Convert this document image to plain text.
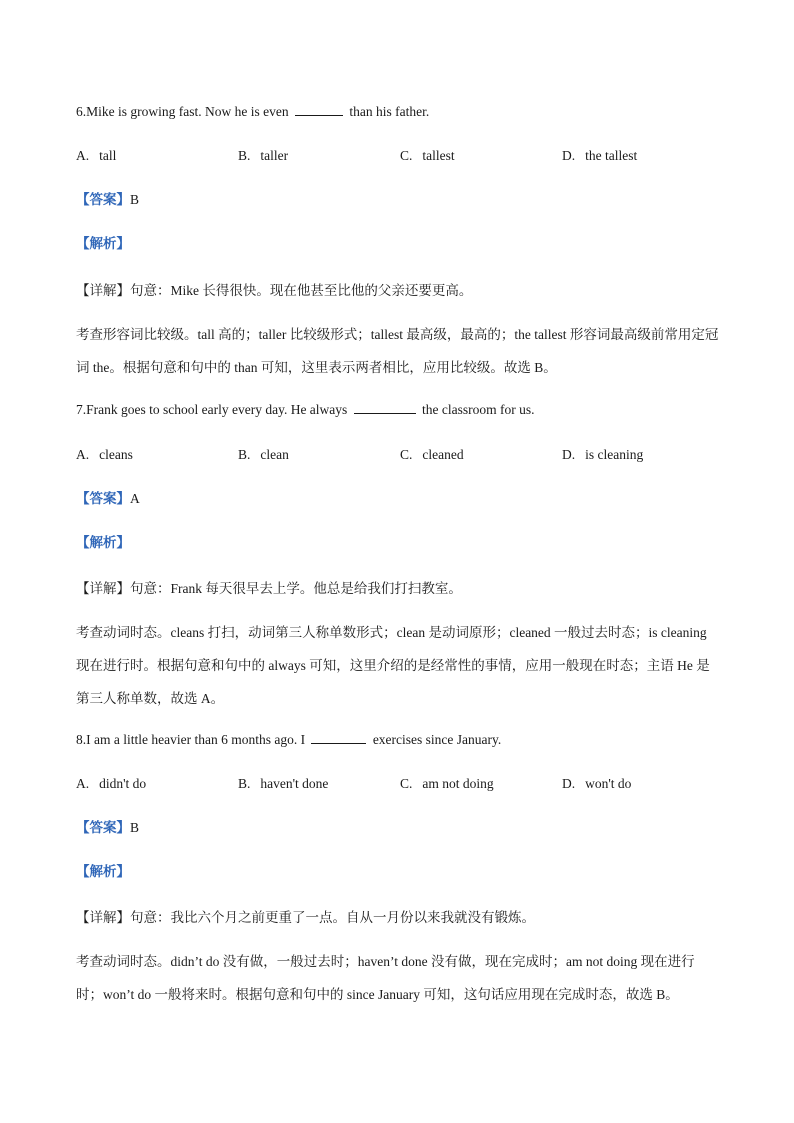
6.Mike is growing fast. Now he is even	than his father.
A. tall	B. taller	C. tallest	D. the tallest
【答案】B
【解析】
【详解】句意：Mike 长得很快。现在他甚至比他的父亲还要更高。
考查形容词比较级。tall 高的；taller 比较级形式；tallest 最高级，最高的；the tallest 形容词最高级前常用定冠词 the。根据句意和句中的 than 可知，这里表示两者相比，应用比较级。故选 B。
7.Frank goes to school early every day. He always	the classroom for us.
A. cleans	B. clean	C. cleaned	D. is cleaning
【答案】A
【解析】
【详解】句意：Frank 每天很早去上学。他总是给我们打扫教室。
考查动词时态。cleans 打扫，动词第三人称单数形式；clean 是动词原形；cleaned 一般过去时态；is cleaning 现在进行时。根据句意和句中的 always 可知，这里介绍的是经常性的事情，应用一般现在时态；主语 He 是第三人称单数，故选 A。
8.I am a little heavier than 6 months ago. I	exercises since January.
A. didn't do	B. haven't done	C. am not doing	D. won't do
【答案】B
【解析】
【详解】句意：我比六个月之前更重了一点。自从一月份以来我就没有锻炼。
考查动词时态。didn’t do 没有做，一般过去时；haven’t done 没有做，现在完成时；am not doing 现在进行时；won’t do 一般将来时。根据句意和句中的 since January 可知，这句话应用现在完成时态，故选 B。
